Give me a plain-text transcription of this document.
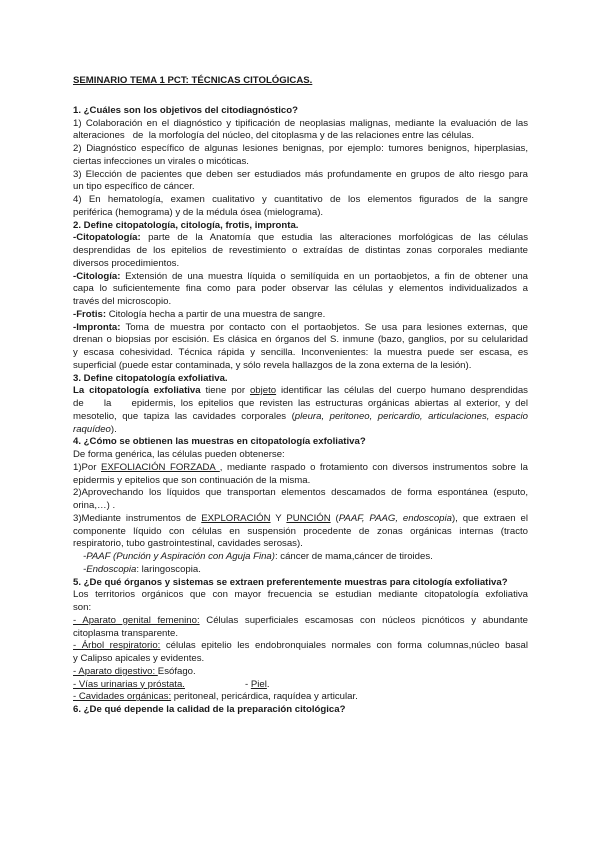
SEMINARIO TEMA 1 PCT: TÉCNICAS CITOLÓGICAS.
1. ¿Cuáles son los objetivos del citodiagnóstico?
1) Colaboración en el diagnóstico y tipificación de neoplasias malignas, mediante la evaluación de las
alteraciones   de  la morfología del núcleo, del citoplasma y de las relaciones entre las células.
2) Diagnóstico específico de algunas lesiones benignas, por ejemplo: tumores benignos, hiperplasias,
ciertas infecciones un virales o micóticas.
3) Elección de pacientes que deben ser estudiados más profundamente en grupos de alto riesgo para
un tipo específico de cáncer.
4) En hematología, examen cualitativo y cuantitativo de los elementos figurados de la sangre
periférica (hemograma) y de la médula ósea (mielograma).
2. Define citopatología, citología, frotis, impronta.
-Citopatología: parte de la Anatomía que estudia las alteraciones morfológicas de las células
desprendidas de los epitelios de revestimiento o extraídas de distintas zonas corporales mediante
diversos procedimientos.
-Citología: Extensión de una muestra líquida o semilíquida en un portaobjetos, a fin de obtener una
capa lo suficientemente fina como para poder observar las células y elementos individualizados a
través del microscopio.
-Frotis: Citología hecha a partir de una muestra de sangre.
-Impronta: Toma de muestra por contacto con el portaobjetos. Se usa para lesiones externas, que
drenan o biopsias por escisión. Es clásica en órganos del S. inmune (bazo, ganglios, por su celularidad
y escasa cohesividad. Técnica rápida y sencilla. Inconvenientes: la muestra puede ser escasa, es
superficial (puede estar contaminada, y sólo revela hallazgos de la zona externa de la lesión).
3. Define citopatología exfoliativa.
La citopatología exfoliativa tiene por objeto identificar las células del cuerpo humano desprendidas
de    la    epidermis, los epitelios que revisten las estructuras orgánicas abiertas al exterior, y del
mesotelio, que tapiza las cavidades corporales (pleura, peritoneo, pericardio, articulaciones, espacio
raquídeo).
4. ¿Cómo se obtienen las muestras en citopatología exfoliativa?
De forma genérica, las células pueden obtenerse:
1)Por EXFOLIACIÓN FORZADA , mediante raspado o frotamiento con diversos instrumentos sobre la
epidermis y epitelios que son continuación de la misma.
2)Aprovechando los líquidos que transportan elementos descamados de forma espontánea (esputo,
orina,…) .
3)Mediante instrumentos de EXPLORACIÓN Y PUNCIÓN (PAAF, PAAG, endoscopia), que extraen el
componente líquido con células en suspensión procedente de zonas orgánicas internas (tracto
respiratorio, tubo gastrointestinal, cavidades serosas).
-PAAF (Punción y Aspiración con Aguja Fina): cáncer de mama,cáncer de tiroides.
-Endoscopia: laringoscopia.
5. ¿De qué órganos y sistemas se extraen preferentemente muestras para citología exfoliativa?
Los territorios orgánicos que con mayor frecuencia se estudian mediante citopatología exfoliativa
son:
- Aparato genital femenino: Células superficiales escamosas con núcleos picnóticos y abundante
citoplasma transparente.
- Árbol respiratorio: células epitelio les endobronquiales normales con forma columnas,núcleo basal
y Calipso apicales y evidentes.
- Aparato digestivo: Esófago.
- Vías urinarias y próstata.	- Piel.
- Cavidades orgánicas: peritoneal, pericárdica, raquídea y articular.
6. ¿De qué depende la calidad de la preparación citológica?
